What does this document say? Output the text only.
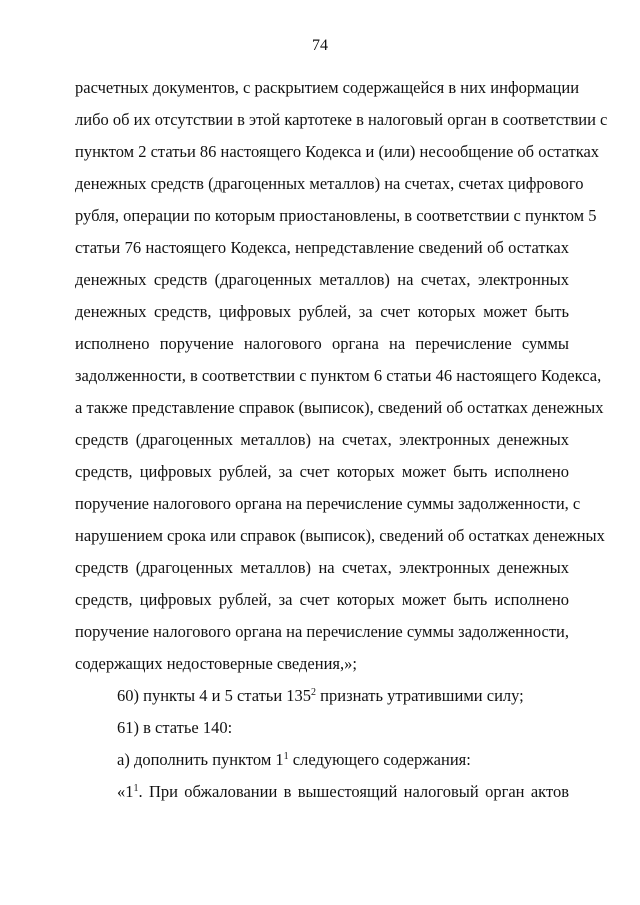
74
расчетных документов, с раскрытием содержащейся в них информации
либо об их отсутствии в этой картотеке в налоговый орган в соответствии с
пунктом 2 статьи 86 настоящего Кодекса и (или) несообщение об остатках
денежных средств (драгоценных металлов) на счетах, счетах цифрового
рубля, операции по которым приостановлены, в соответствии с пунктом 5
статьи 76 настоящего Кодекса, непредставление сведений об остатках
денежных средств (драгоценных металлов) на счетах, электронных
денежных средств, цифровых рублей, за счет которых может быть
исполнено поручение налогового органа на перечисление суммы
задолженности, в соответствии с пунктом 6 статьи 46 настоящего Кодекса,
а также представление справок (выписок), сведений об остатках денежных
средств (драгоценных металлов) на счетах, электронных денежных
средств, цифровых рублей, за счет которых может быть исполнено
поручение налогового органа на перечисление суммы задолженности, с
нарушением срока или справок (выписок), сведений об остатках денежных
средств (драгоценных металлов) на счетах, электронных денежных
средств, цифровых рублей, за счет которых может быть исполнено
поручение налогового органа на перечисление суммы задолженности,
содержащих недостоверные сведения,»;
60) пункты 4 и 5 статьи $135^2$ признать утратившими силу;
61) в статье 140:
а) дополнить пунктом $1^1$ следующего содержания:
«$1^1$. При обжаловании в вышестоящий налоговый орган актов
